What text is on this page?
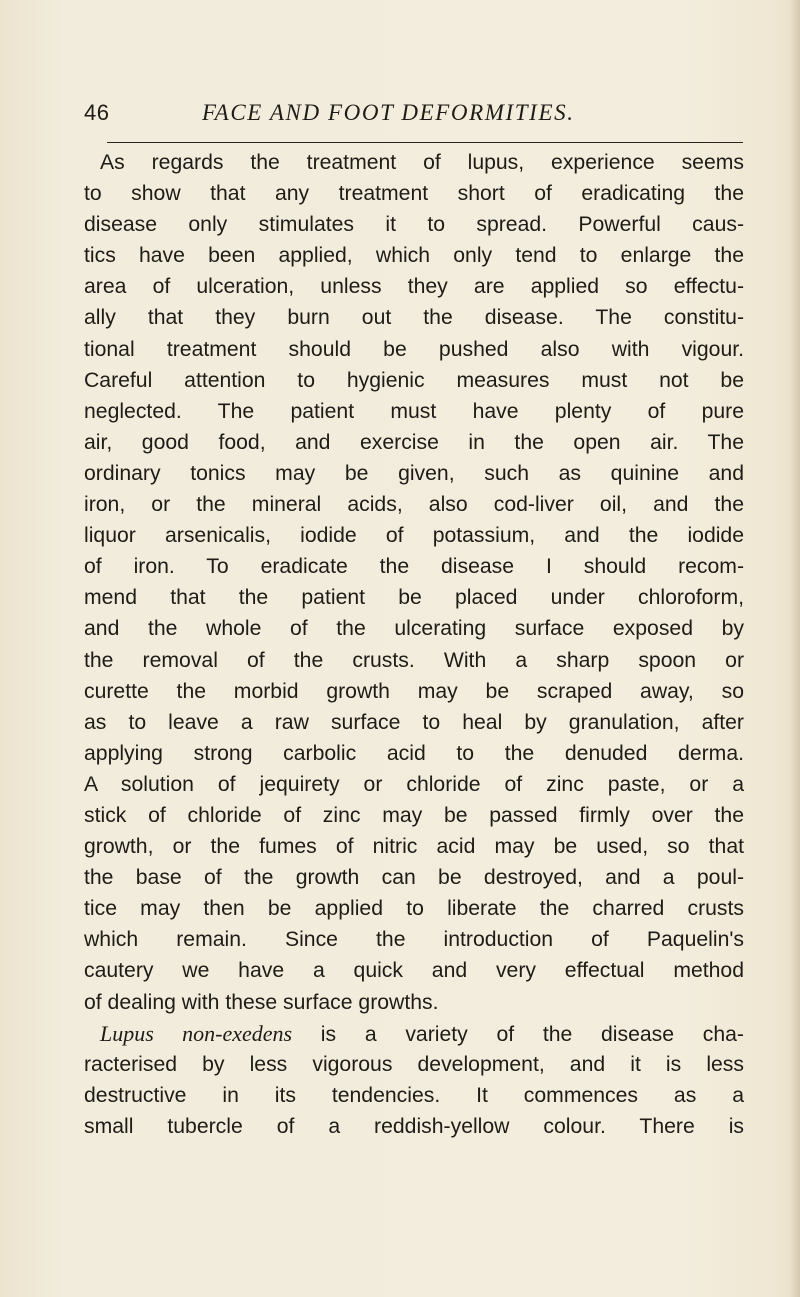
46	FACE AND FOOT DEFORMITIES.
As regards the treatment of lupus, experience seems
to show that any treatment short of eradicating the
disease only stimulates it to spread. Powerful caus-
tics have been applied, which only tend to enlarge the
area of ulceration, unless they are applied so effectu-
ally that they burn out the disease. The constitu-
tional treatment should be pushed also with vigour.
Careful attention to hygienic measures must not be
neglected. The patient must have plenty of pure
air, good food, and exercise in the open air. The
ordinary tonics may be given, such as quinine and
iron, or the mineral acids, also cod-liver oil, and the
liquor arsenicalis, iodide of potassium, and the iodide
of iron. To eradicate the disease I should recom-
mend that the patient be placed under chloroform,
and the whole of the ulcerating surface exposed by
the removal of the crusts. With a sharp spoon or
curette the morbid growth may be scraped away, so
as to leave a raw surface to heal by granulation, after
applying strong carbolic acid to the denuded derma.
A solution of jequirety or chloride of zinc paste, or a
stick of chloride of zinc may be passed firmly over the
growth, or the fumes of nitric acid may be used, so that
the base of the growth can be destroyed, and a poul-
tice may then be applied to liberate the charred crusts
which remain. Since the introduction of Paquelin's
cautery we have a quick and very effectual method
of dealing with these surface growths.
Lupus non-exedens is a variety of the disease cha-
racterised by less vigorous development, and it is less
destructive in its tendencies. It commences as a
small tubercle of a reddish-yellow colour. There is
